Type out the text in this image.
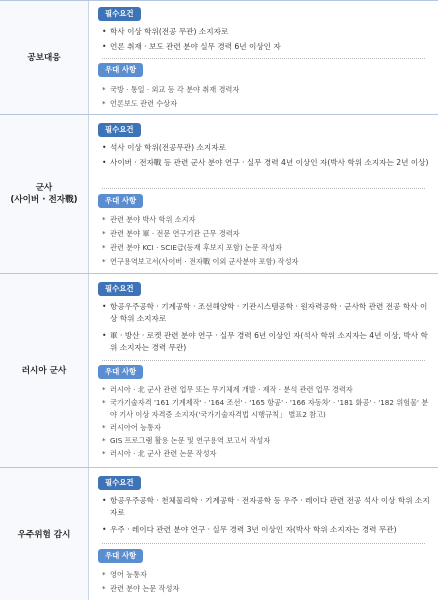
공보대응
필수요건
• 학사 이상 학위(전공 무관) 소지자로
• 언론 취재 · 보도 관련 분야 실무 경력 6년 이상인 자
우대 사항
* 국방 · 통일 · 외교 등 각 분야 취재 경력자
* 언론보도 관련 수상자
군사
(사이버 · 전자戰)
필수요건
• 석사 이상 학위(전공무관) 소지자로
• 사이버 · 전자戰 등 관련 군사 분야 연구 · 실무 경력 4년 이상인 자(박사 학위 소지자는 2년 이상)
우대 사항
* 관련 분야 박사 학위 소지자
* 관련 분야 軍 · 전문 연구기관 근무 경력자
* 관련 분야 KCI · SCIE급(등재 후보지 포함) 논문 작성자
* 연구용역보고서(사이버 · 전자戰 이외 군사분야 포함) 작성자
러시아 군사
필수요건
• 항공우주공학 · 기계공학 · 조선해양학 · 기관시스템공학 · 원자력공학 · 군사학 관련 전공 학사 이상 학위 소지자로
• 軍 · 방산 · 로켓 관련 분야 연구 · 실무 경력 6년 이상인 자(석사 학위 소지자는 4년 이상, 박사 학위 소지자는 경력 무관)
우대 사항
* 러시아 · 北 군사 관련 업무 또는 무기체계 개발 · 제작 · 분석 관련 업무 경력자
* 국가기술자격 '161 기계제작' · '164 조선' · '165 항공' · '166 자동차' · '181 화공' · '182 위험물' 분야 기사 이상 자격증 소지자('국가기술자격법 시행규칙」 별표2 참고)
* 러시아어 능통자
* GIS 프로그램 활용 논문 및 연구용역 보고서 작성자
* 러시아 · 北 군사 관련 논문 작성자
우주위험 감시
필수요건
• 항공우주공학 · 천체물리학 · 기계공학 · 전자공학 등 우주 · 레이다 관련 전공 석사 이상 학위 소지자로
• 우주 · 레이다 관련 분야 연구 · 실무 경력 3년 이상인 자(박사 학위 소지자는 경력 무관)
우대 사항
* 영어 능통자
* 관련 분야 논문 작성자
